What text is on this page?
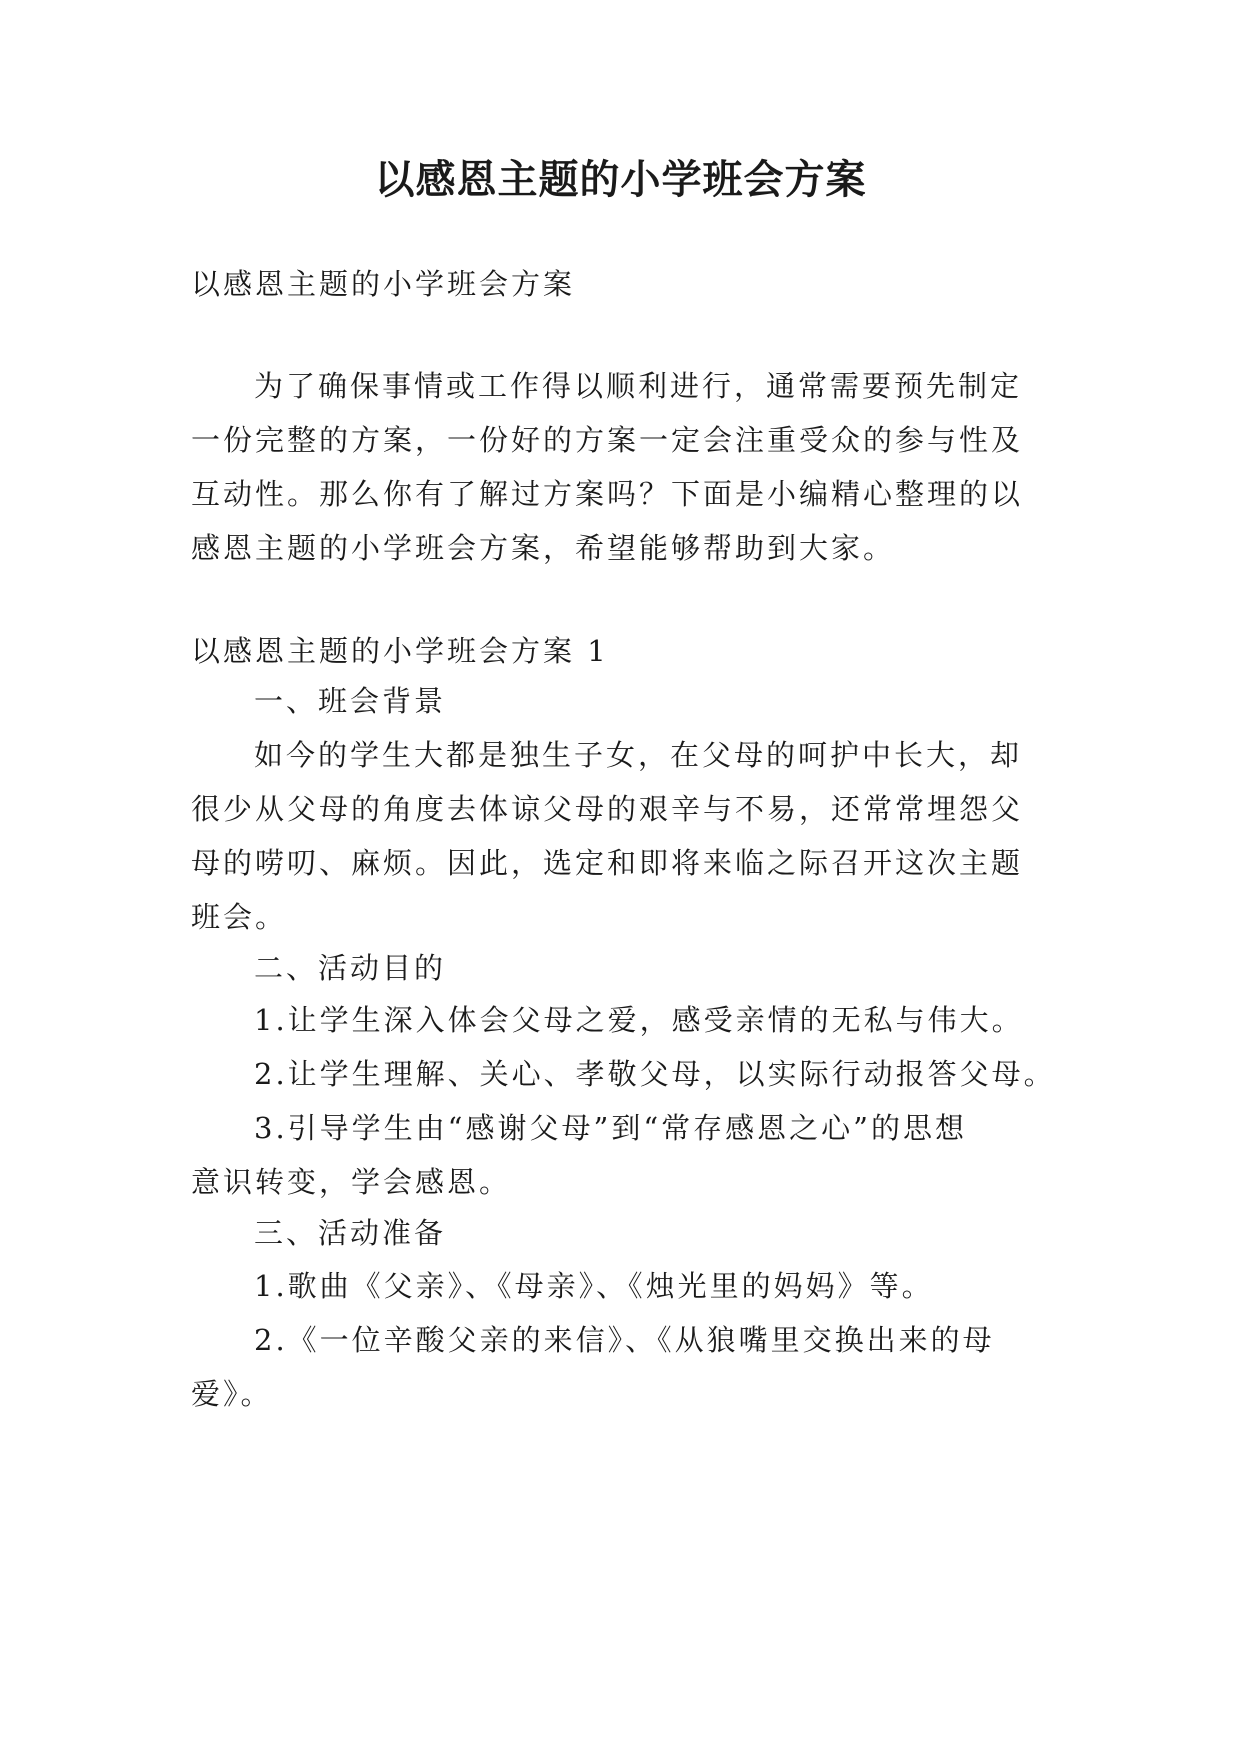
以感恩主题的小学班会方案
以感恩主题的小学班会方案
为了确保事情或工作得以顺利进行，通常需要预先制定
一份完整的方案，一份好的方案一定会注重受众的参与性及
互动性。那么你有了解过方案吗？下面是小编精心整理的以
感恩主题的小学班会方案，希望能够帮助到大家。
以感恩主题的小学班会方案 1
一、班会背景
如今的学生大都是独生子女，在父母的呵护中长大，却
很少从父母的角度去体谅父母的艰辛与不易，还常常埋怨父
母的唠叨、麻烦。因此，选定和即将来临之际召开这次主题
班会。
二、活动目的
1.让学生深入体会父母之爱，感受亲情的无私与伟大。
2.让学生理解、关心、孝敬父母，以实际行动报答父母。
3.引导学生由“感谢父母”到“常存感恩之心”的思想
意识转变，学会感恩。
三、活动准备
1.歌曲《父亲》、《母亲》、《烛光里的妈妈》等。
2.《一位辛酸父亲的来信》、《从狼嘴里交换出来的母
爱》。
